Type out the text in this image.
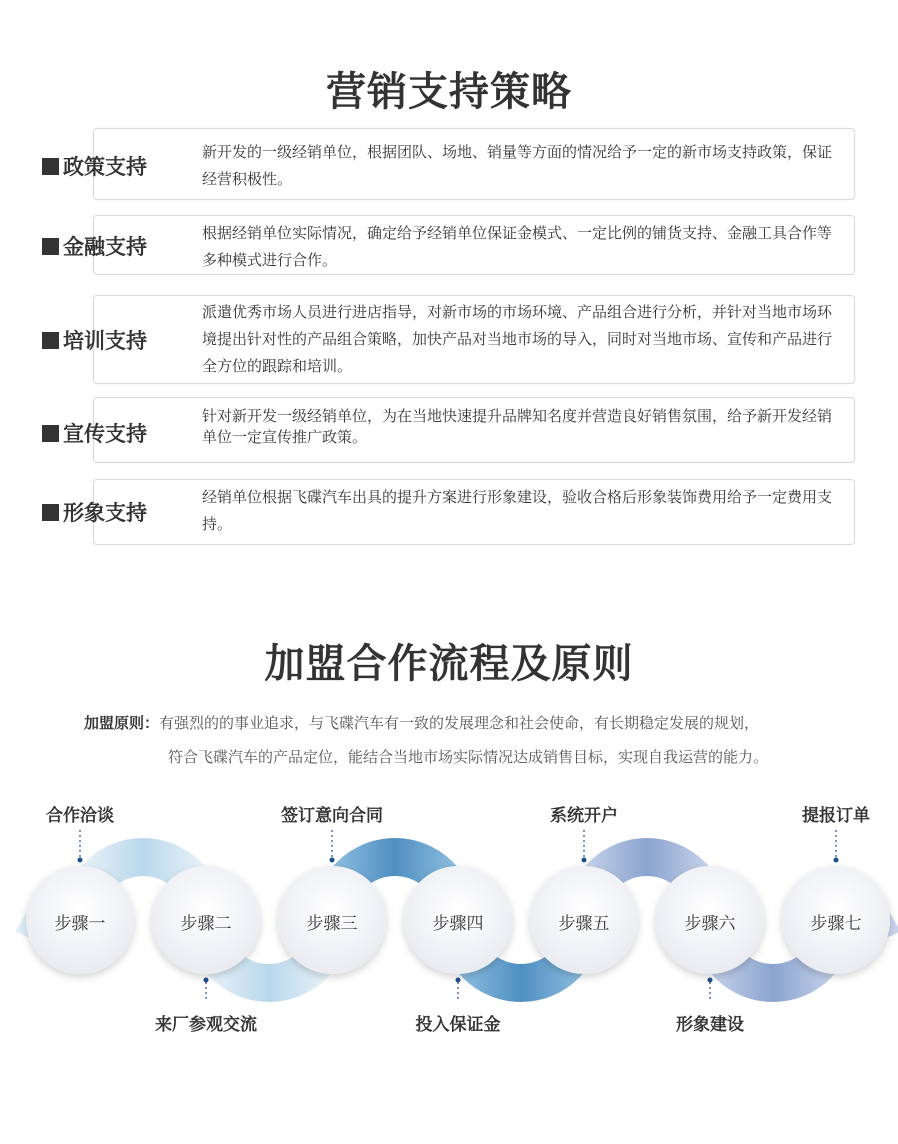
营销支持策略
新开发的一级经销单位，根据团队、场地、销量等方面的情况给予一定的新市场支持政策，保证经营积极性。
政策支持
根据经销单位实际情况，确定给予经销单位保证金模式、一定比例的铺货支持、金融工具合作等多种模式进行合作。
金融支持
派遣优秀市场人员进行进店指导，对新市场的市场环境、产品组合进行分析，并针对当地市场环境提出针对性的产品组合策略，加快产品对当地市场的导入，同时对当地市场、宣传和产品进行全方位的跟踪和培训。
培训支持
针对新开发一级经销单位，为在当地快速提升品牌知名度并营造良好销售氛围，给予新开发经销单位一定宣传推广政策。
宣传支持
经销单位根据飞碟汽车出具的提升方案进行形象建设，验收合格后形象装饰费用给予一定费用支持。
形象支持
加盟合作流程及原则
加盟原则：有强烈的的事业追求，与飞碟汽车有一致的发展理念和社会使命，有长期稳定发展的规划，
符合飞碟汽车的产品定位，能结合当地市场实际情况达成销售目标，实现自我运营的能力。
步骤一
合作洽谈
步骤二
来厂参观交流
步骤三
签订意向合同
步骤四
投入保证金
步骤五
系统开户
步骤六
形象建设
步骤七
提报订单
